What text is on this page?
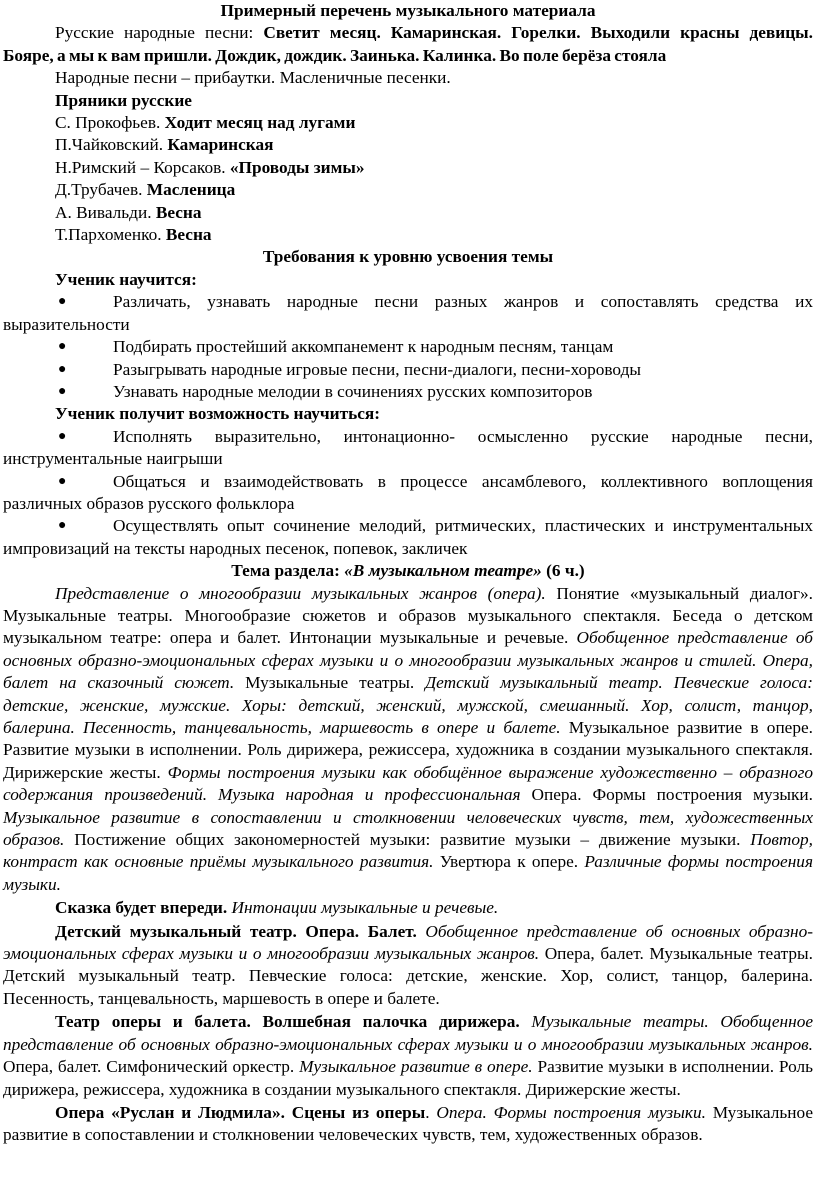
Примерный перечень музыкального материала

Русские народные песни: Светит месяц. Камаринская. Горелки. Выходили красны девицы. Бояре, а мы к вам пришли. Дождик, дождик. Заинька. Калинка. Во поле берёза стояла

Народные песни – прибаутки. Масленичные песенки.

Пряники русские

С. Прокофьев. Ходит месяц над лугами

П.Чайковский. Камаринская

Н.Римский – Корсаков. «Проводы зимы»

Д.Трубачев. Масленица

А. Вивальди. Весна

Т.Пархоменко. Весна

Требования к уровню усвоения темы

Ученик научится:

●	Различать, узнавать народные песни разных жанров и сопоставлять средства их выразительности

●	Подбирать простейший аккомпанемент к народным песням, танцам

●	Разыгрывать народные игровые песни, песни-диалоги, песни-хороводы

●	Узнавать народные мелодии в сочинениях русских композиторов

Ученик получит возможность научиться:

●	Исполнять выразительно, интонационно- осмысленно русские народные песни, инструментальные наигрыши

●	Общаться и взаимодействовать в процессе ансамблевого, коллективного воплощения различных образов русского фольклора

●	Осуществлять опыт сочинение мелодий, ритмических, пластических и инструментальных импровизаций на тексты народных песенок, попевок, закличек

Тема раздела: «В музыкальном театре» (6 ч.)

Представление о многообразии музыкальных жанров (опера). Понятие «музыкальный диалог». Музыкальные театры. Многообразие сюжетов и образов музыкального спектакля. Беседа о детском музыкальном театре: опера и балет. Интонации музыкальные и речевые. Обобщенное представление об основных образно-эмоциональных сферах музыки и о многообразии музыкальных жанров и стилей. Опера, балет на сказочный сюжет. Музыкальные театры. Детский музыкальный театр. Певческие голоса: детские, женские, мужские. Хоры: детский, женский, мужской, смешанный. Хор, солист, танцор, балерина. Песенность, танцевальность, маршевость в опере и балете. Музыкальное развитие в опере. Развитие музыки в исполнении. Роль дирижера, режиссера, художника в создании музыкального спектакля. Дирижерские жесты. Формы построения музыки как обобщённое выражение художественно – образного содержания произведений. Музыка народная и профессиональная Опера. Формы построения музыки. Музыкальное развитие в сопоставлении и столкновении человеческих чувств, тем, художественных образов. Постижение общих закономерностей музыки: развитие музыки – движение музыки. Повтор, контраст как основные приёмы музыкального развития. Увертюра к опере. Различные формы построения музыки.

Сказка будет впереди. Интонации музыкальные и речевые.

Детский музыкальный театр. Опера. Балет. Обобщенное представление об основных образно-эмоциональных сферах музыки и о многообразии музыкальных жанров. Опера, балет. Музыкальные театры. Детский музыкальный театр. Певческие голоса: детские, женские. Хор, солист, танцор, балерина. Песенность, танцевальность, маршевость в опере и балете.

Театр оперы и балета. Волшебная палочка дирижера. Музыкальные театры. Обобщенное представление об основных образно-эмоциональных сферах музыки и о многообразии музыкальных жанров. Опера, балет. Симфонический оркестр. Музыкальное развитие в опере. Развитие музыки в исполнении. Роль дирижера, режиссера, художника в создании музыкального спектакля. Дирижерские жесты.

Опера «Руслан и Людмила». Сцены из оперы. Опера. Формы построения музыки. Музыкальное развитие в сопоставлении и столкновении человеческих чувств, тем, художественных образов.
